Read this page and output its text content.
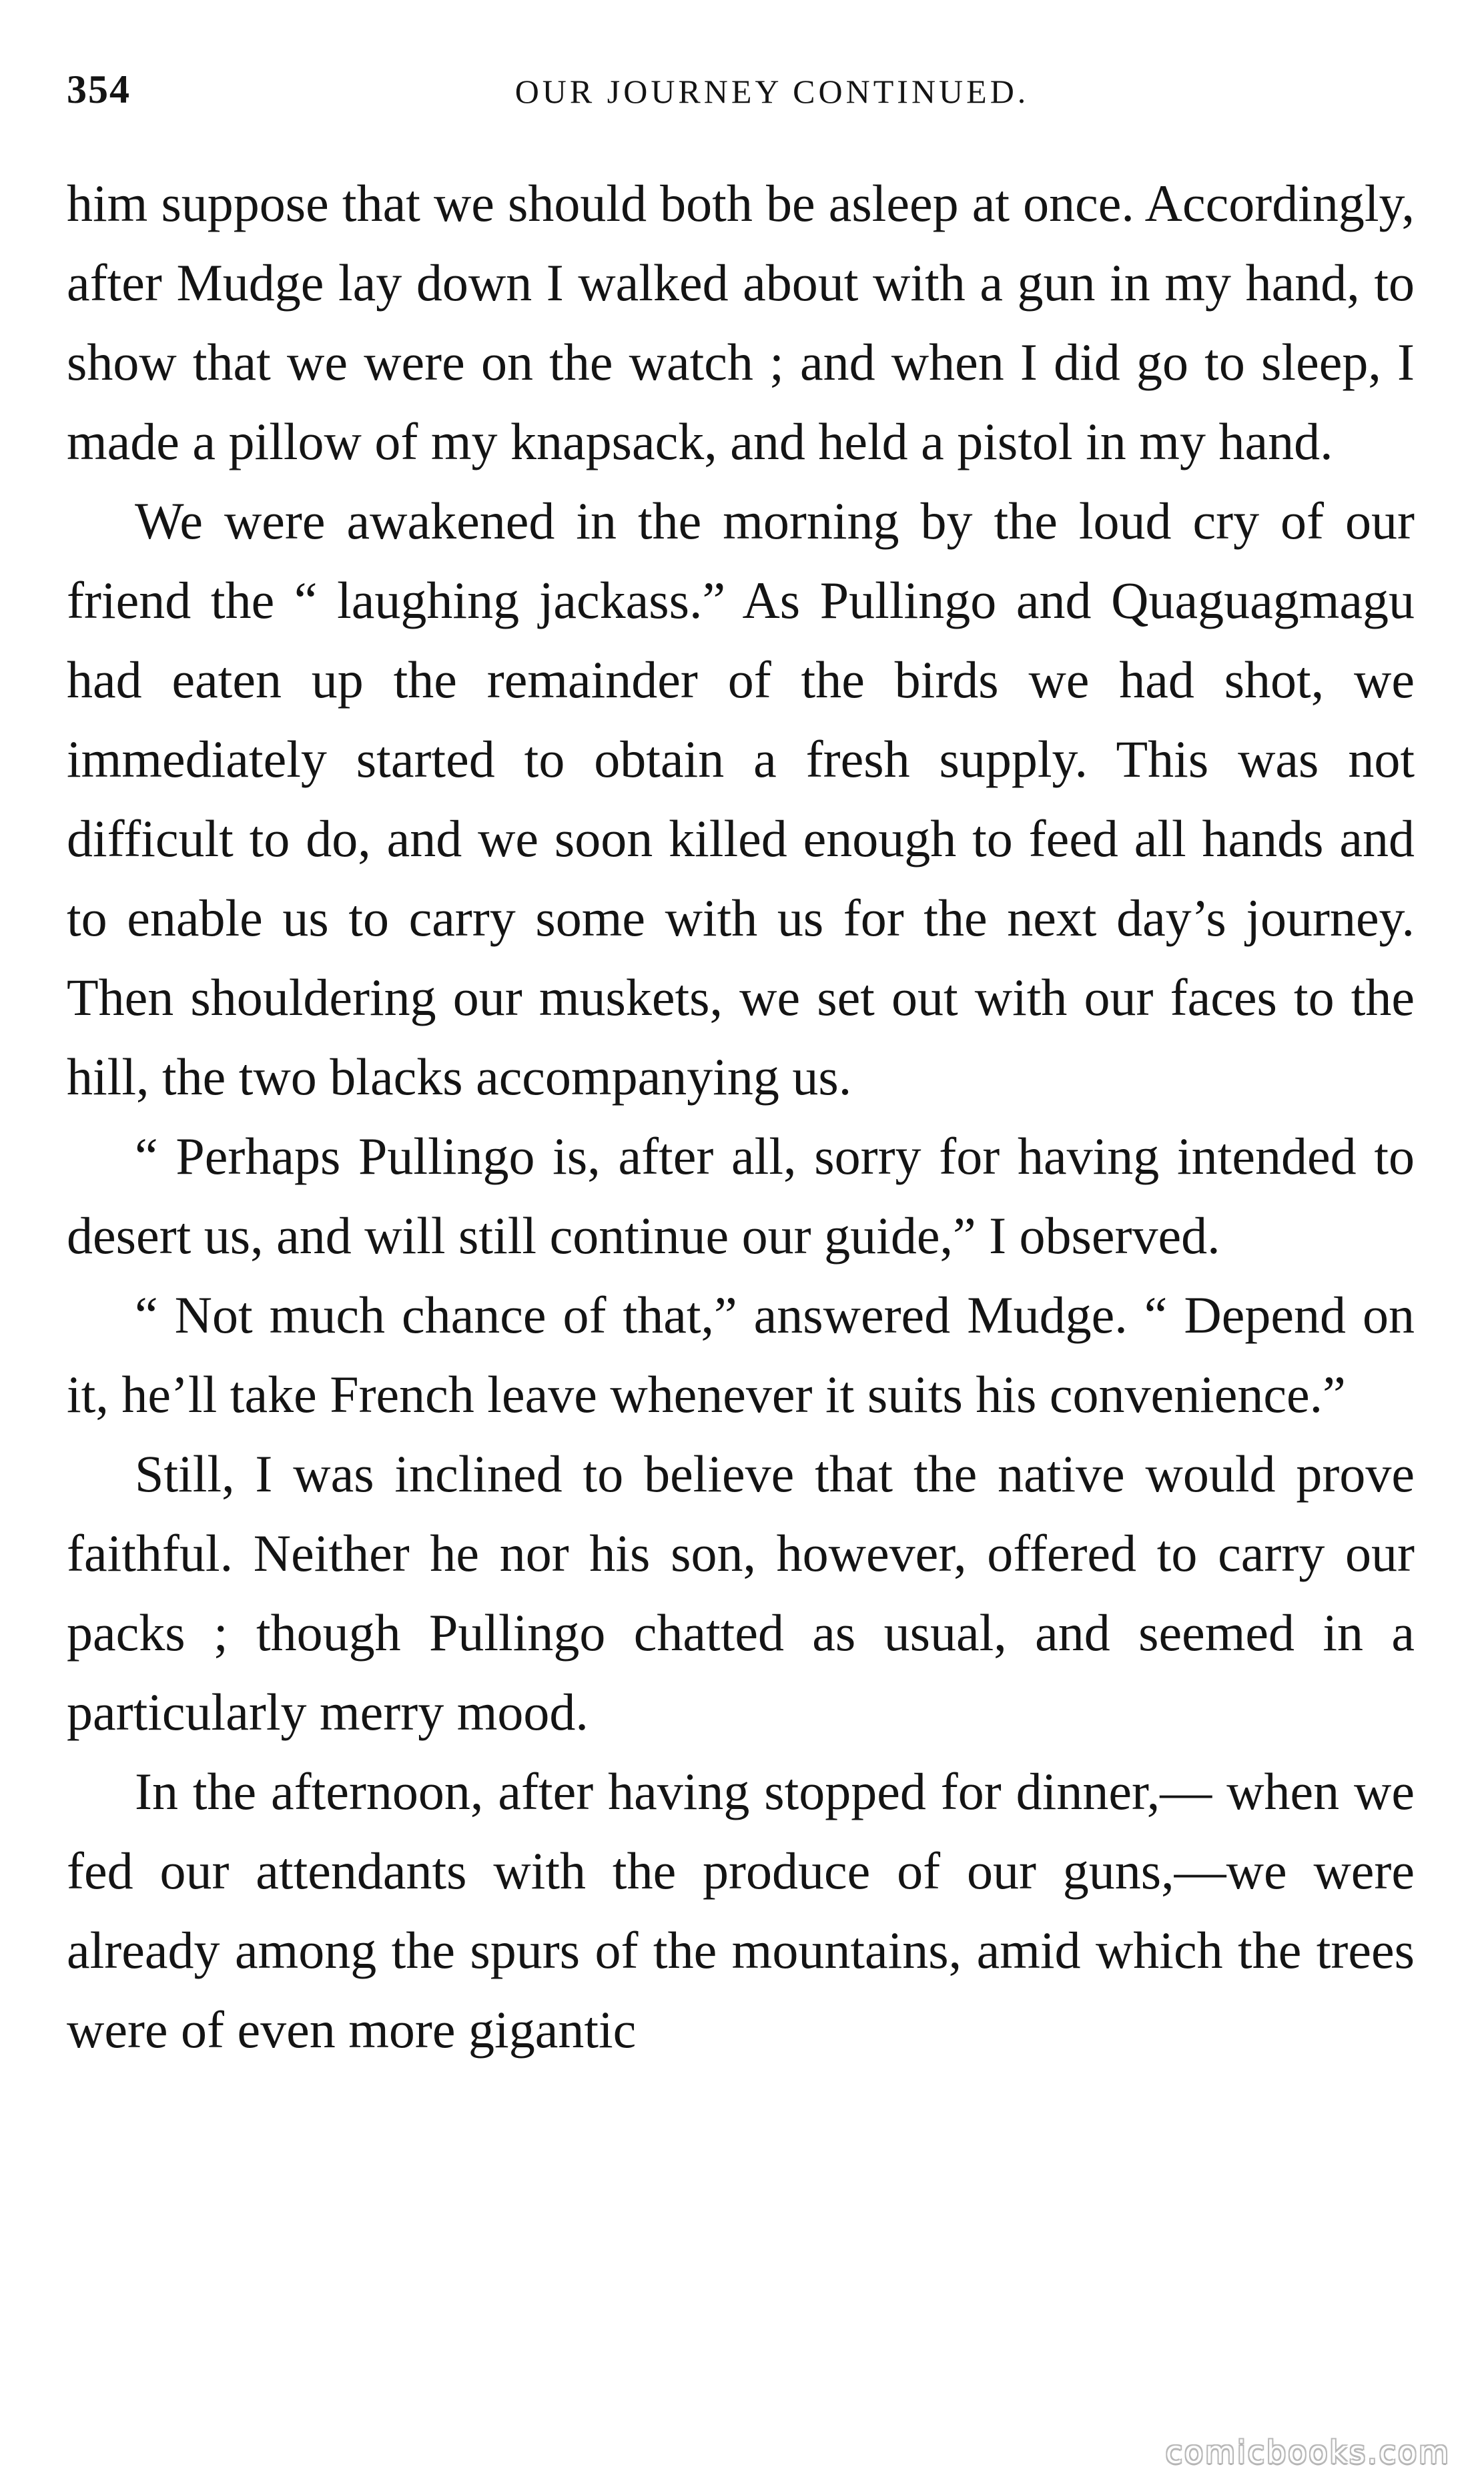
354	OUR JOURNEY CONTINUED.

him suppose that we should both be asleep at once. Accordingly, after Mudge lay down I walked about with a gun in my hand, to show that we were on the watch ; and when I did go to sleep, I made a pillow of my knapsack, and held a pistol in my hand.

We were awakened in the morning by the loud cry of our friend the “ laughing jackass.” As Pullingo and Quaguagmagu had eaten up the remainder of the birds we had shot, we immediately started to obtain a fresh supply. This was not difficult to do, and we soon killed enough to feed all hands and to enable us to carry some with us for the next day’s journey. Then shouldering our muskets, we set out with our faces to the hill, the two blacks accompanying us.

“ Perhaps Pullingo is, after all, sorry for having intended to desert us, and will still continue our guide,” I observed.

“ Not much chance of that,” answered Mudge. “ Depend on it, he’ll take French leave whenever it suits his convenience.”

Still, I was inclined to believe that the native would prove faithful. Neither he nor his son, however, offered to carry our packs ; though Pullingo chatted as usual, and seemed in a particularly merry mood.

In the afternoon, after having stopped for dinner,— when we fed our attendants with the produce of our guns,—we were already among the spurs of the mountains, amid which the trees were of even more gigantic

comicbooks.com
